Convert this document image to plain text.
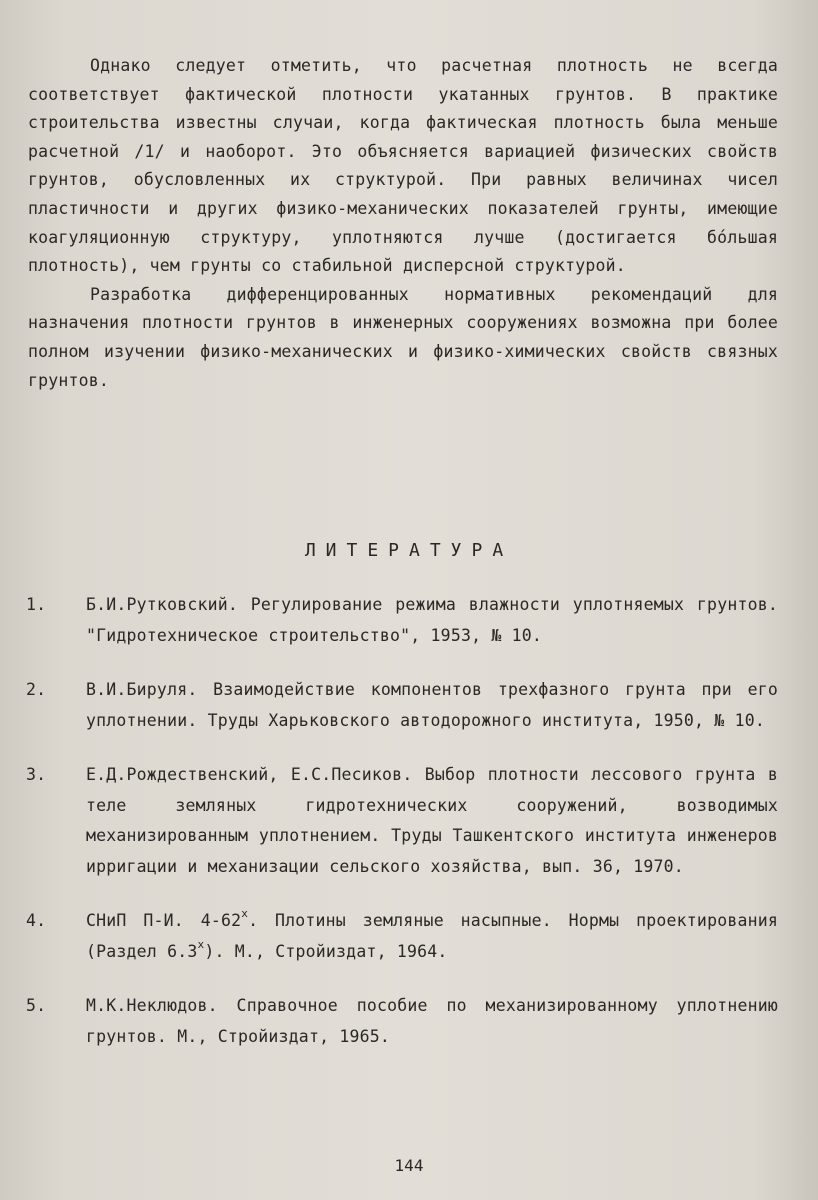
Однако следует отметить, что расчетная плотность не всегда соответствует фактической плотности укатанных грунтов. В практике строительства известны случаи, когда фактическая плотность была меньше расчетной /1/ и наоборот. Это объясняется вариацией физических свойств грунтов, обусловленных их структурой. При равных величинах чисел пластичности и других физико-механических показателей грунты, имеющие коагуляционную структуру, уплотняются лучше (достигается бóльшая плотность), чем грунты со стабильной дисперсной структурой.

Разработка дифференцированных нормативных рекомендаций для назначения плотности грунтов в инженерных сооружениях возможна при более полном изучении физико-механических и физико-химических свойств связных грунтов.

ЛИТЕРАТУРА
1. Б.И.Рутковский. Регулирование режима влажности уплотняемых грунтов. "Гидротехническое строительство", 1953, № 10.
2. В.И.Бируля. Взаимодействие компонентов трехфазного грунта при его уплотнении. Труды Харьковского автодорожного института, 1950, № 10.
3. Е.Д.Рождественский, Е.С.Песиков. Выбор плотности лессового грунта в теле земляных гидротехнических сооружений, возводимых механизированным уплотнением. Труды Ташкентского института инженеров ирригации и механизации сельского хозяйства, вып. 36, 1970.
4. СНиП П-И. 4-62$^х$. Плотины земляные насыпные. Нормы проектирования (Раздел 6.3$^х$). М., Стройиздат, 1964.
5. М.К.Неклюдов. Справочное пособие по механизированному уплотнению грунтов. М., Стройиздат, 1965.
144
